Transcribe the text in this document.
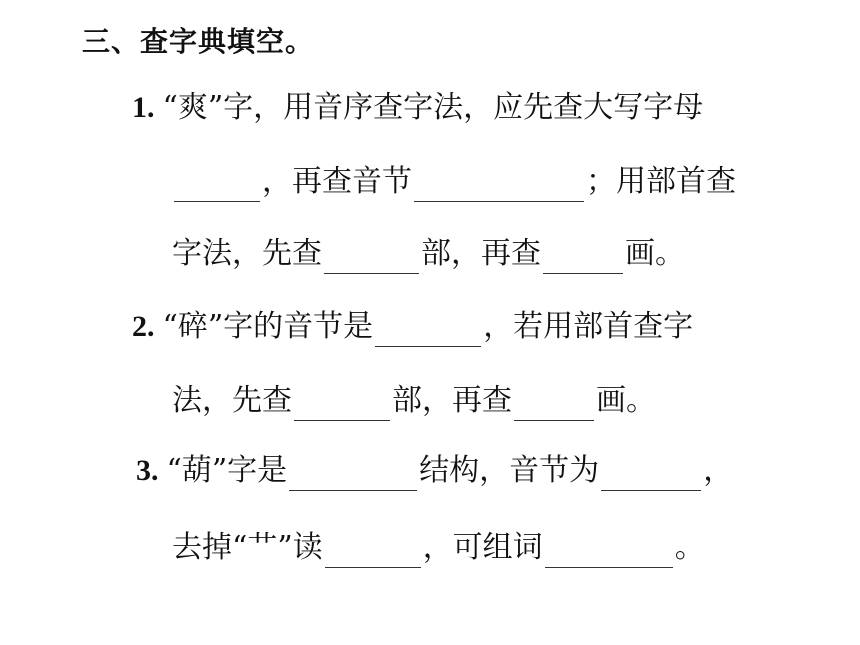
三、查字典填空。
1. “爽”字，用音序查字法，应先查大写字母
，再查音节	；用部首查
字法，先查	部，再查	画。
2. “碎”字的音节是	，若用部首查字
法，先查	部，再查	画。
3. “葫”字是	结构，音节为	，
去掉“艹”读	，可组词	。
